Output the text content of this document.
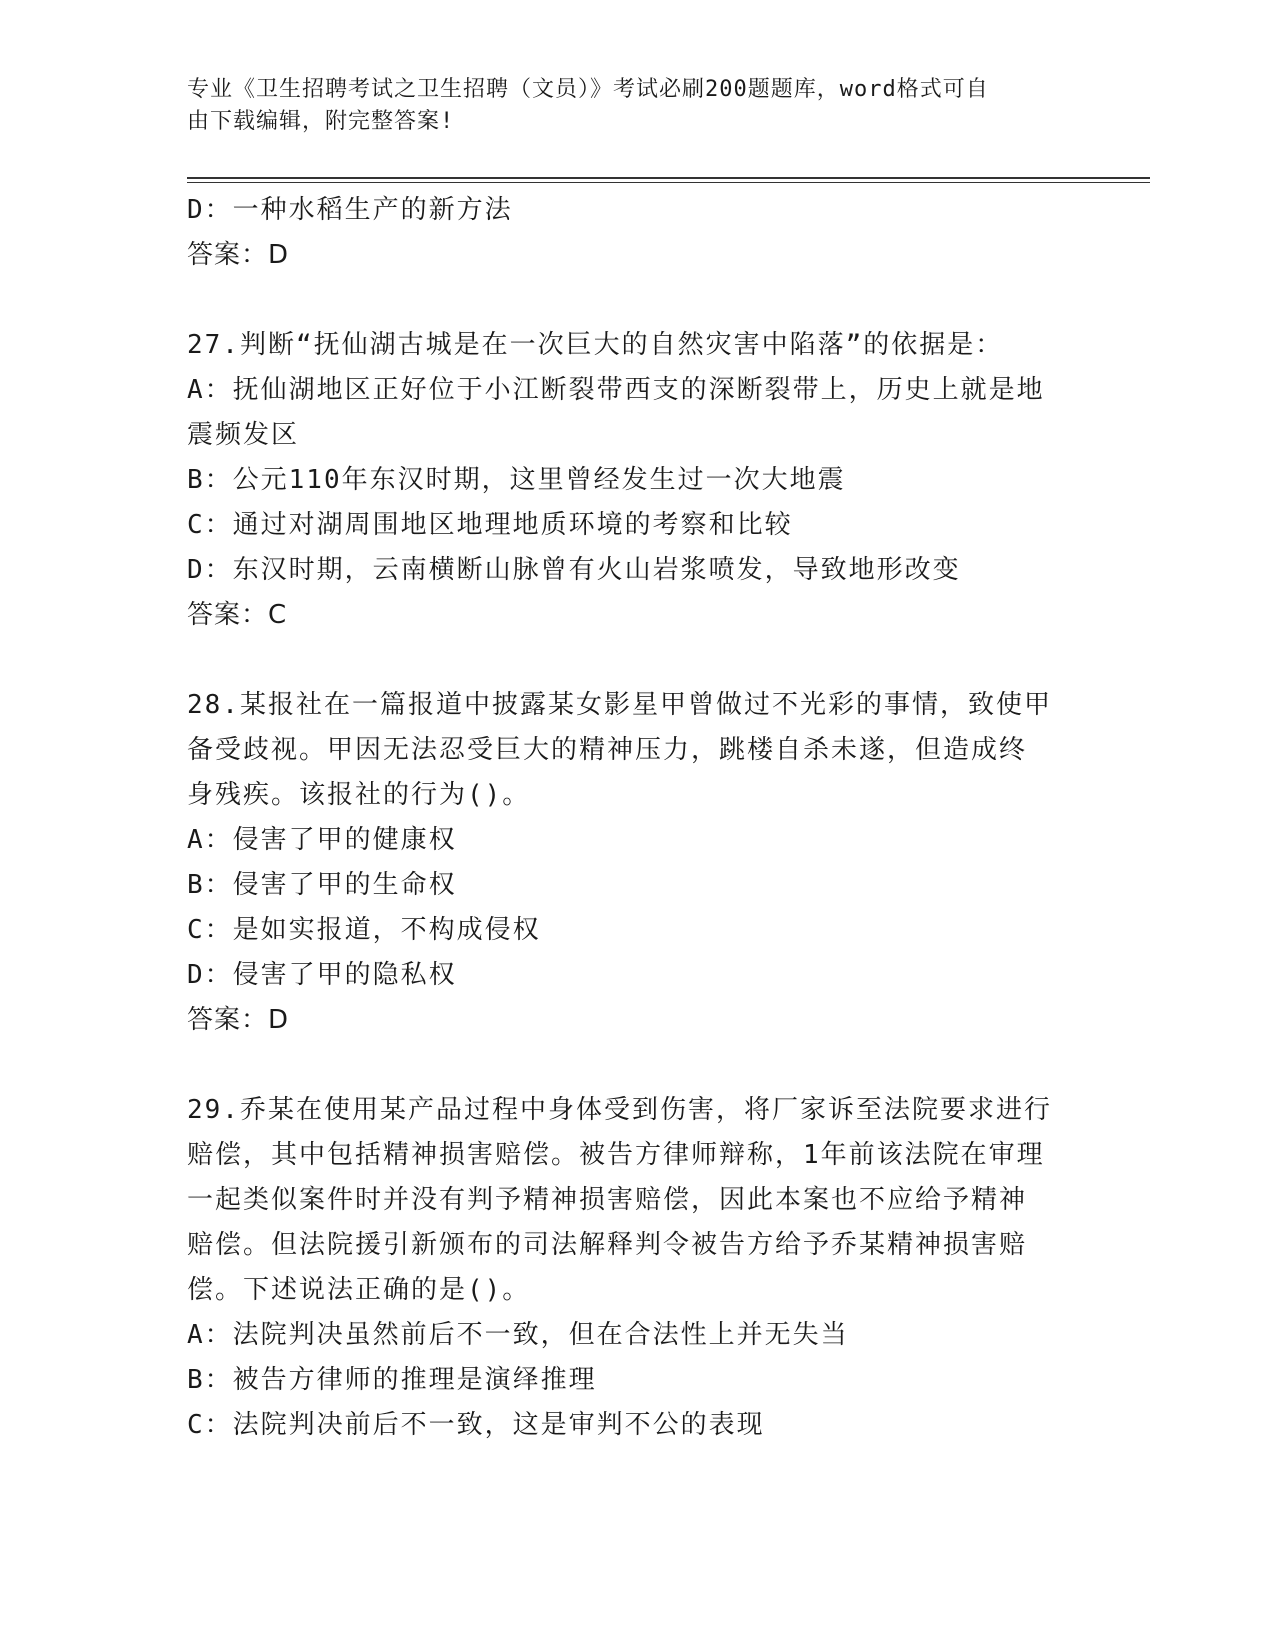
专业《卫生招聘考试之卫生招聘（文员）》考试必刷200题题库，word格式可自
由下载编辑，附完整答案!
D：一种水稻生产的新方法
答案：D
27.判断“抚仙湖古城是在一次巨大的自然灾害中陷落”的依据是：
A：抚仙湖地区正好位于小江断裂带西支的深断裂带上，历史上就是地
震频发区
B：公元110年东汉时期，这里曾经发生过一次大地震
C：通过对湖周围地区地理地质环境的考察和比较
D：东汉时期，云南横断山脉曾有火山岩浆喷发，导致地形改变
答案：C
28.某报社在一篇报道中披露某女影星甲曾做过不光彩的事情，致使甲
备受歧视。甲因无法忍受巨大的精神压力，跳楼自杀未遂，但造成终
身残疾。该报社的行为()。
A：侵害了甲的健康权
B：侵害了甲的生命权
C：是如实报道，不构成侵权
D：侵害了甲的隐私权
答案：D
29.乔某在使用某产品过程中身体受到伤害，将厂家诉至法院要求进行
赔偿，其中包括精神损害赔偿。被告方律师辩称，1年前该法院在审理
一起类似案件时并没有判予精神损害赔偿，因此本案也不应给予精神
赔偿。但法院援引新颁布的司法解释判令被告方给予乔某精神损害赔
偿。下述说法正确的是()。
A：法院判决虽然前后不一致，但在合法性上并无失当
B：被告方律师的推理是演绎推理
C：法院判决前后不一致，这是审判不公的表现
